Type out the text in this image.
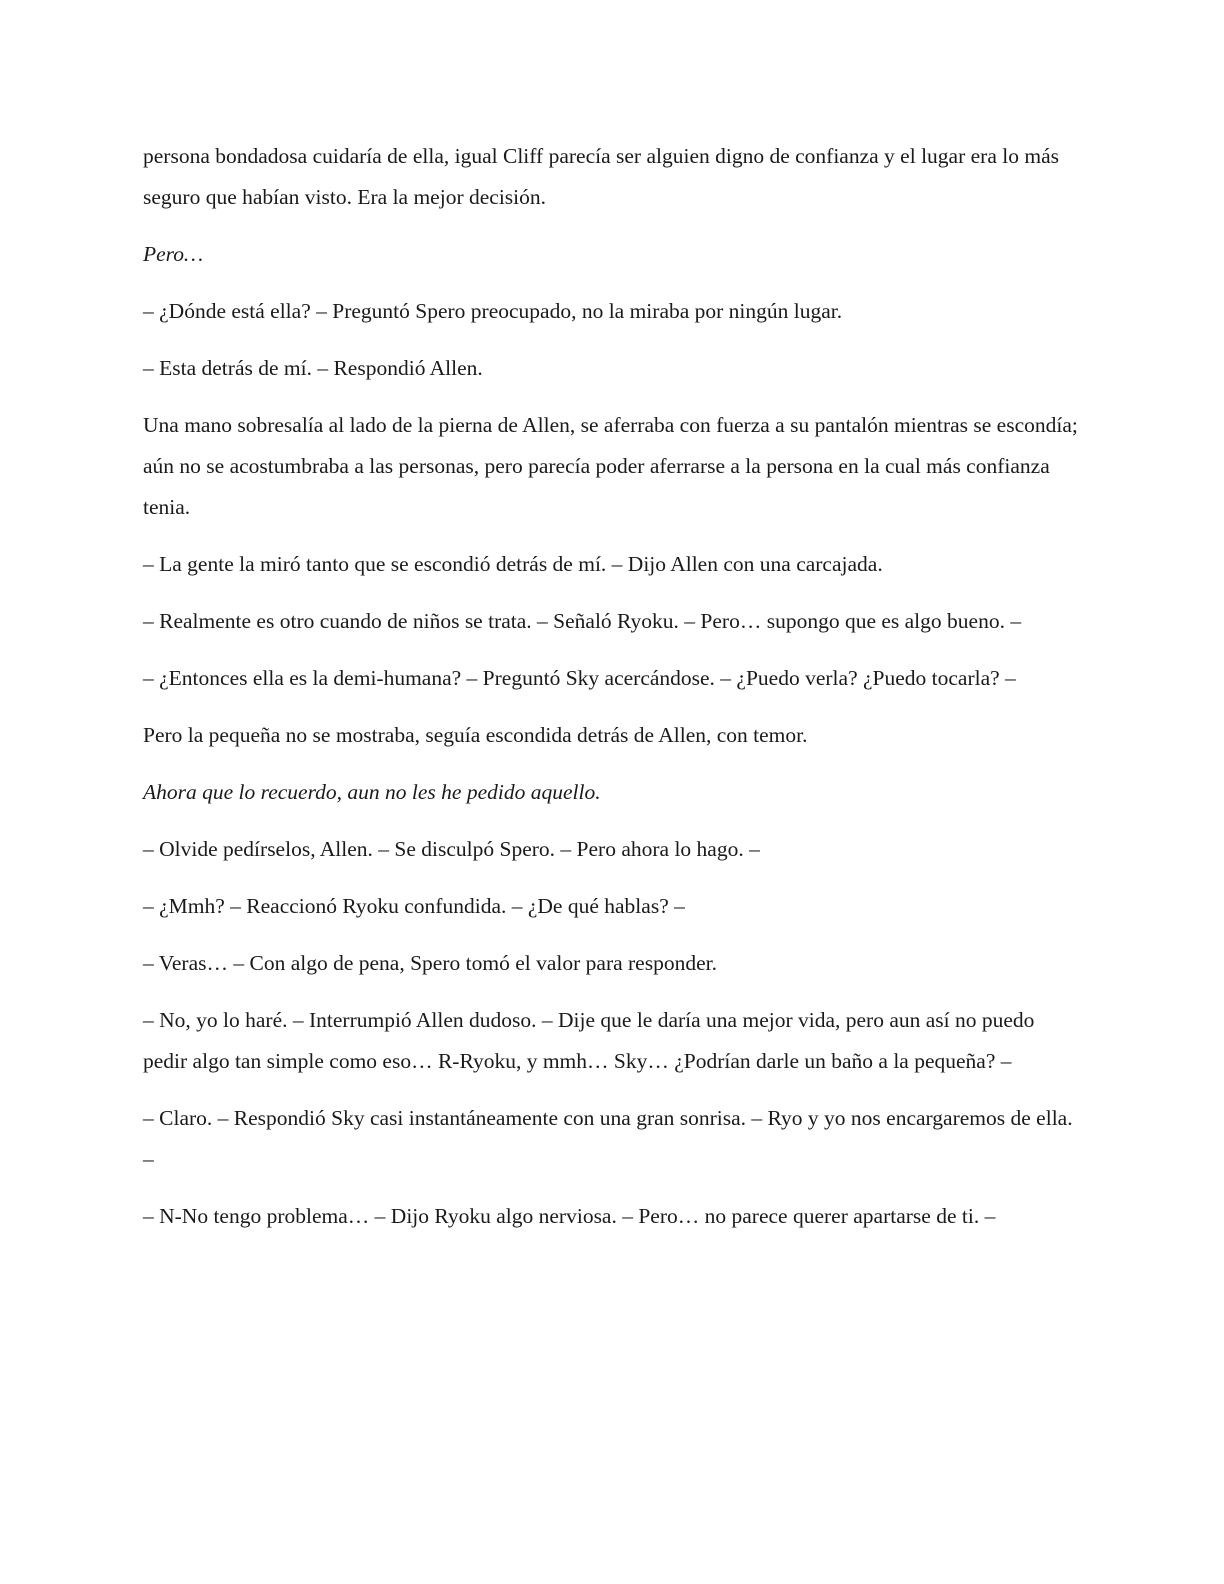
persona bondadosa cuidaría de ella, igual Cliff parecía ser alguien digno de confianza y el lugar era lo más seguro que habían visto. Era la mejor decisión.

Pero…

– ¿Dónde está ella? – Preguntó Spero preocupado, no la miraba por ningún lugar.

– Esta detrás de mí. – Respondió Allen.

Una mano sobresalía al lado de la pierna de Allen, se aferraba con fuerza a su pantalón mientras se escondía; aún no se acostumbraba a las personas, pero parecía poder aferrarse a la persona en la cual más confianza tenia.

– La gente la miró tanto que se escondió detrás de mí. – Dijo Allen con una carcajada.

– Realmente es otro cuando de niños se trata. – Señaló Ryoku. – Pero… supongo que es algo bueno. –

– ¿Entonces ella es la demi-humana? – Preguntó Sky acercándose. – ¿Puedo verla? ¿Puedo tocarla? –

Pero la pequeña no se mostraba, seguía escondida detrás de Allen, con temor.

Ahora que lo recuerdo, aun no les he pedido aquello.

– Olvide pedírselos, Allen. – Se disculpó Spero. – Pero ahora lo hago. –

– ¿Mmh? – Reaccionó Ryoku confundida. – ¿De qué hablas? –

– Veras… – Con algo de pena, Spero tomó el valor para responder.

– No, yo lo haré. – Interrumpió Allen dudoso. – Dije que le daría una mejor vida, pero aun así no puedo pedir algo tan simple como eso… R-Ryoku, y mmh… Sky… ¿Podrían darle un baño a la pequeña? –

– Claro. – Respondió Sky casi instantáneamente con una gran sonrisa. – Ryo y yo nos encargaremos de ella. –

– N-No tengo problema… – Dijo Ryoku algo nerviosa. – Pero… no parece querer apartarse de ti. –
